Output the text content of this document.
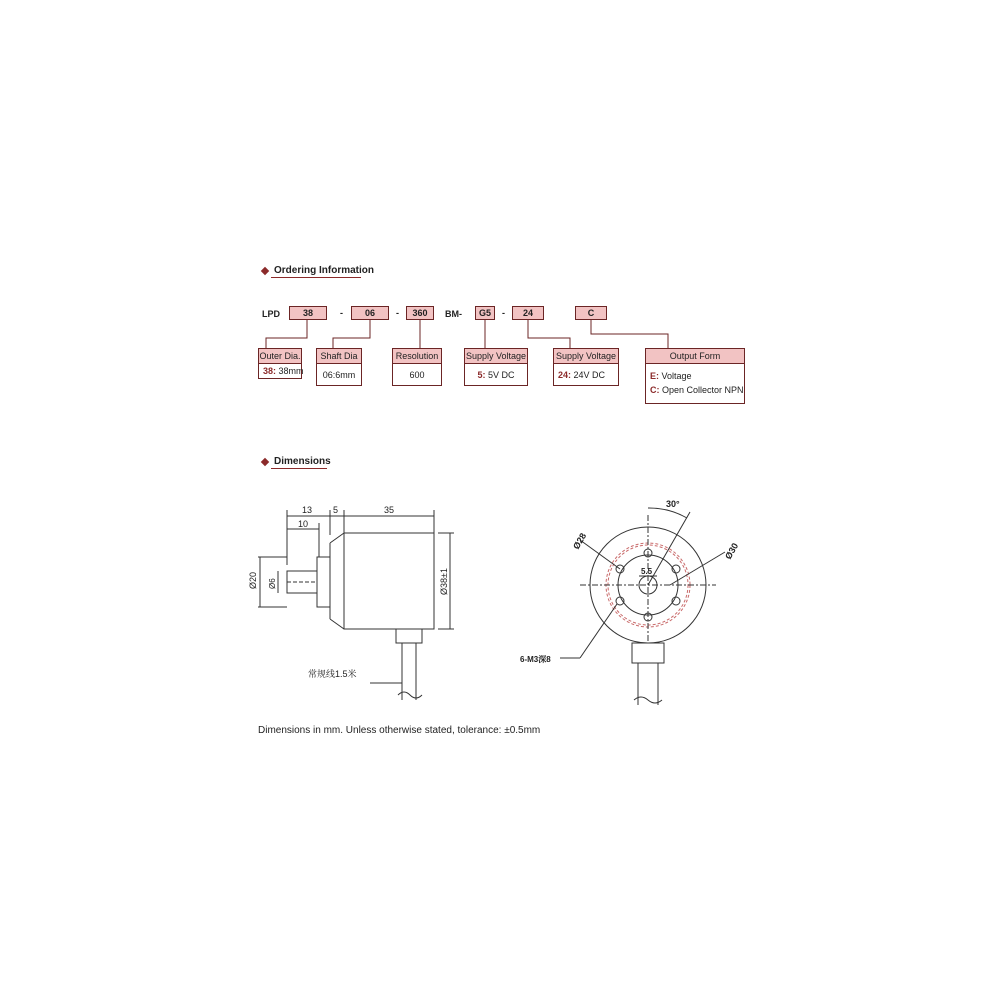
Ordering Information
LPD	38	-	06	-	360	BM-	G5	-	24	C
Outer Dia.
38: 38mm
Shaft Dia
06:6mm
Resolution
600
Supply Voltage
5: 5V DC
Supply Voltage
24: 24V DC
Output Form
E: Voltage
C: Open Collector NPN
Dimensions
13 5	35
10
Ø20 Ø6	Ø38±1
常规线1.5米
30°
Ø28
Ø30
5.5
6-M3深8
Dimensions in mm. Unless otherwise stated, tolerance: ±0.5mm
